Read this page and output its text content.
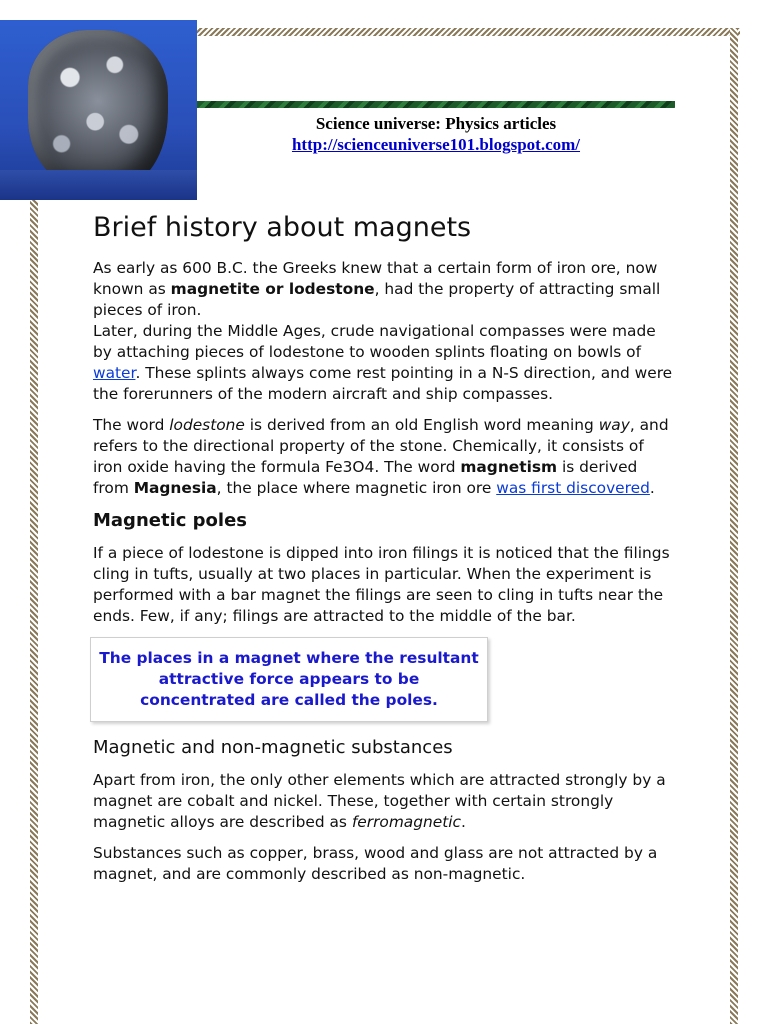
Science universe: Physics articles
http://scienceuniverse101.blogspot.com/
Brief history about magnets

As early as 600 B.C. the Greeks knew that a certain form of iron ore, now known as magnetite or lodestone, had the property of attracting small pieces of iron.
Later, during the Middle Ages, crude navigational compasses were made by attaching pieces of lodestone to wooden splints floating on bowls of water. These splints always come rest pointing in a N-S direction, and were the forerunners of the modern aircraft and ship compasses.

The word lodestone is derived from an old English word meaning way, and refers to the directional property of the stone. Chemically, it consists of iron oxide having the formula Fe3O4. The word magnetism is derived from Magnesia, the place where magnetic iron ore was first discovered.

Magnetic poles

If a piece of lodestone is dipped into iron filings it is noticed that the filings cling in tufts, usually at two places in particular. When the experiment is performed with a bar magnet the filings are seen to cling in tufts near the ends. Few, if any; filings are attracted to the middle of the bar.

The places in a magnet where the resultant attractive force appears to be concentrated are called the poles.
Magnetic and non-magnetic substances

Apart from iron, the only other elements which are attracted strongly by a magnet are cobalt and nickel. These, together with certain strongly magnetic alloys are described as ferromagnetic.

Substances such as copper, brass, wood and glass are not attracted by a magnet, and are commonly described as non-magnetic.
